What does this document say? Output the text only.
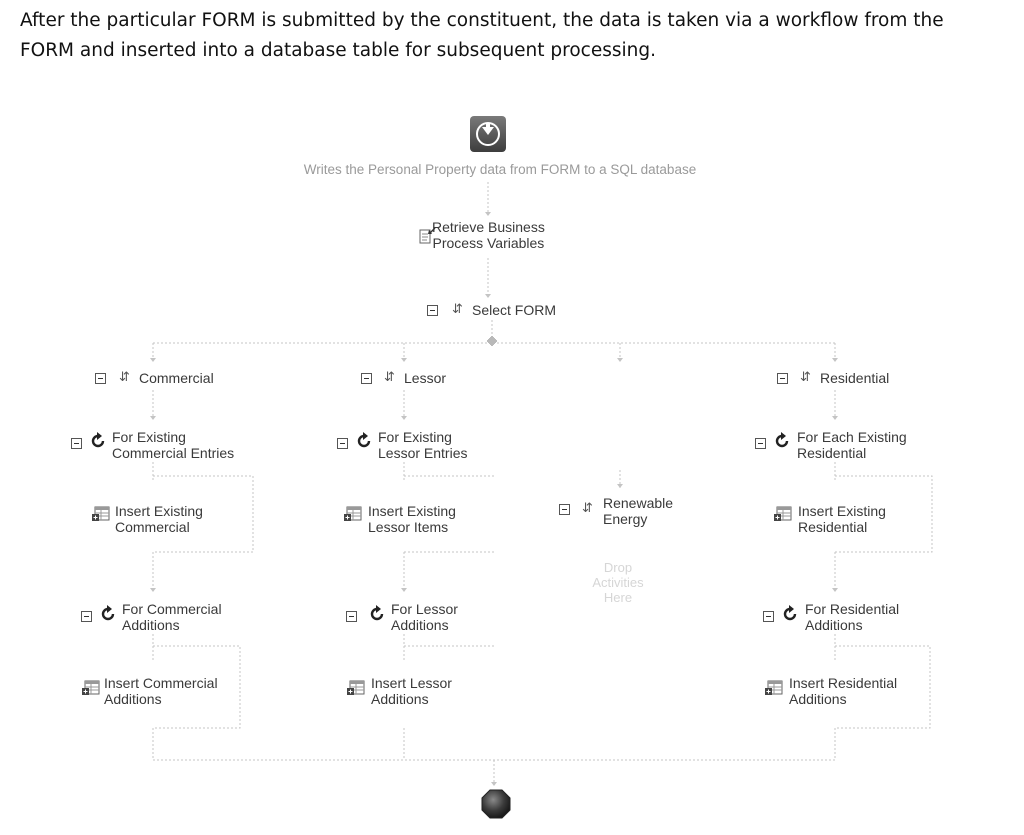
After the particular FORM is submitted by the constituent, the data is taken via a workflow from the
FORM and inserted into a database table for subsequent processing.
Writes the Personal Property data from FORM to a SQL database
Retrieve Business
Process Variables
⇵ Select FORM
⇵ Commercial
For Existing
Commercial Entries
Insert Existing
Commercial
For Commercial
Additions
Insert Commercial
Additions
⇵ Lessor
For Existing
Lessor Entries
Insert Existing
Lessor Items
For Lessor
Additions
Insert Lessor
Additions
⇵ Renewable
Energy
Drop
Activities
Here
⇵ Residential
For Each Existing
Residential
Insert Existing
Residential
For Residential
Additions
Insert Residential
Additions
